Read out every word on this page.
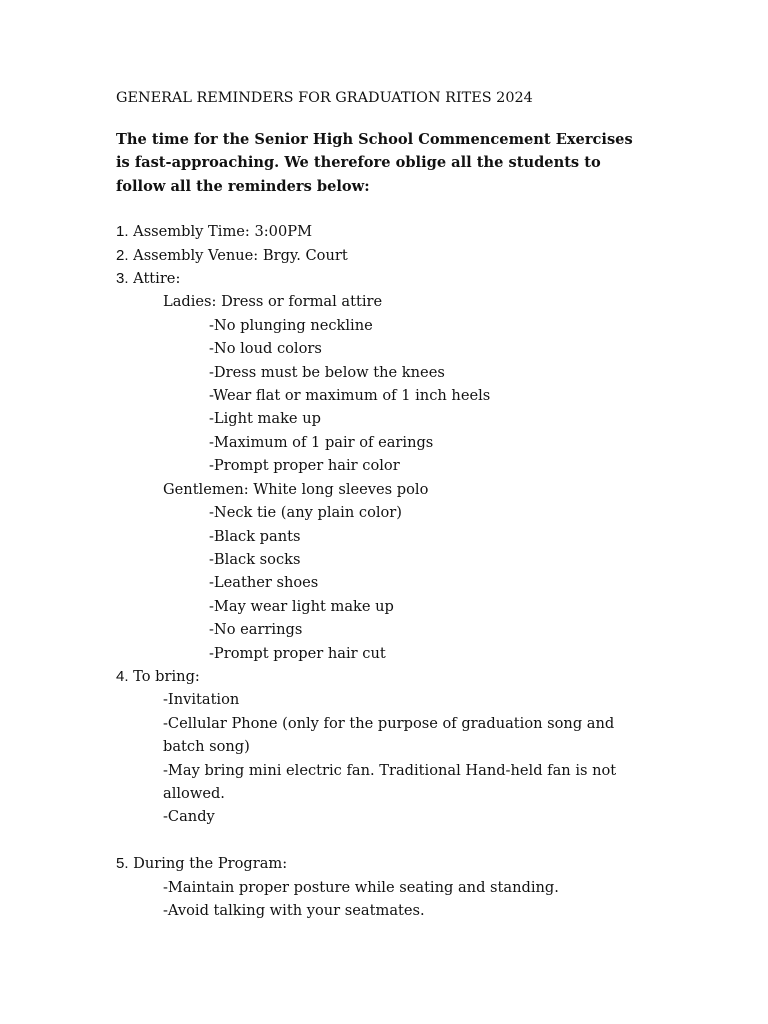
GENERAL REMINDERS FOR GRADUATION RITES 2024

The time for the Senior High School Commencement Exercises is fast-approaching. We therefore oblige all the students to follow all the reminders below:

1. Assembly Time: 3:00PM
2. Assembly Venue: Brgy. Court
3. Attire:
Ladies: Dress or formal attire
-No plunging neckline
-No loud colors
-Dress must be below the knees
-Wear flat or maximum of 1 inch heels
-Light make up
-Maximum of 1 pair of earings
-Prompt proper hair color
Gentlemen: White long sleeves polo
-Neck tie (any plain color)
-Black pants
-Black socks
-Leather shoes
-May wear light make up
-No earrings
-Prompt proper hair cut
4. To bring:
-Invitation
-Cellular Phone (only for the purpose of graduation song and batch song)
-May bring mini electric fan. Traditional Hand-held fan is not allowed.
-Candy
5. During the Program:
-Maintain proper posture while seating and standing.
-Avoid talking with your seatmates.
